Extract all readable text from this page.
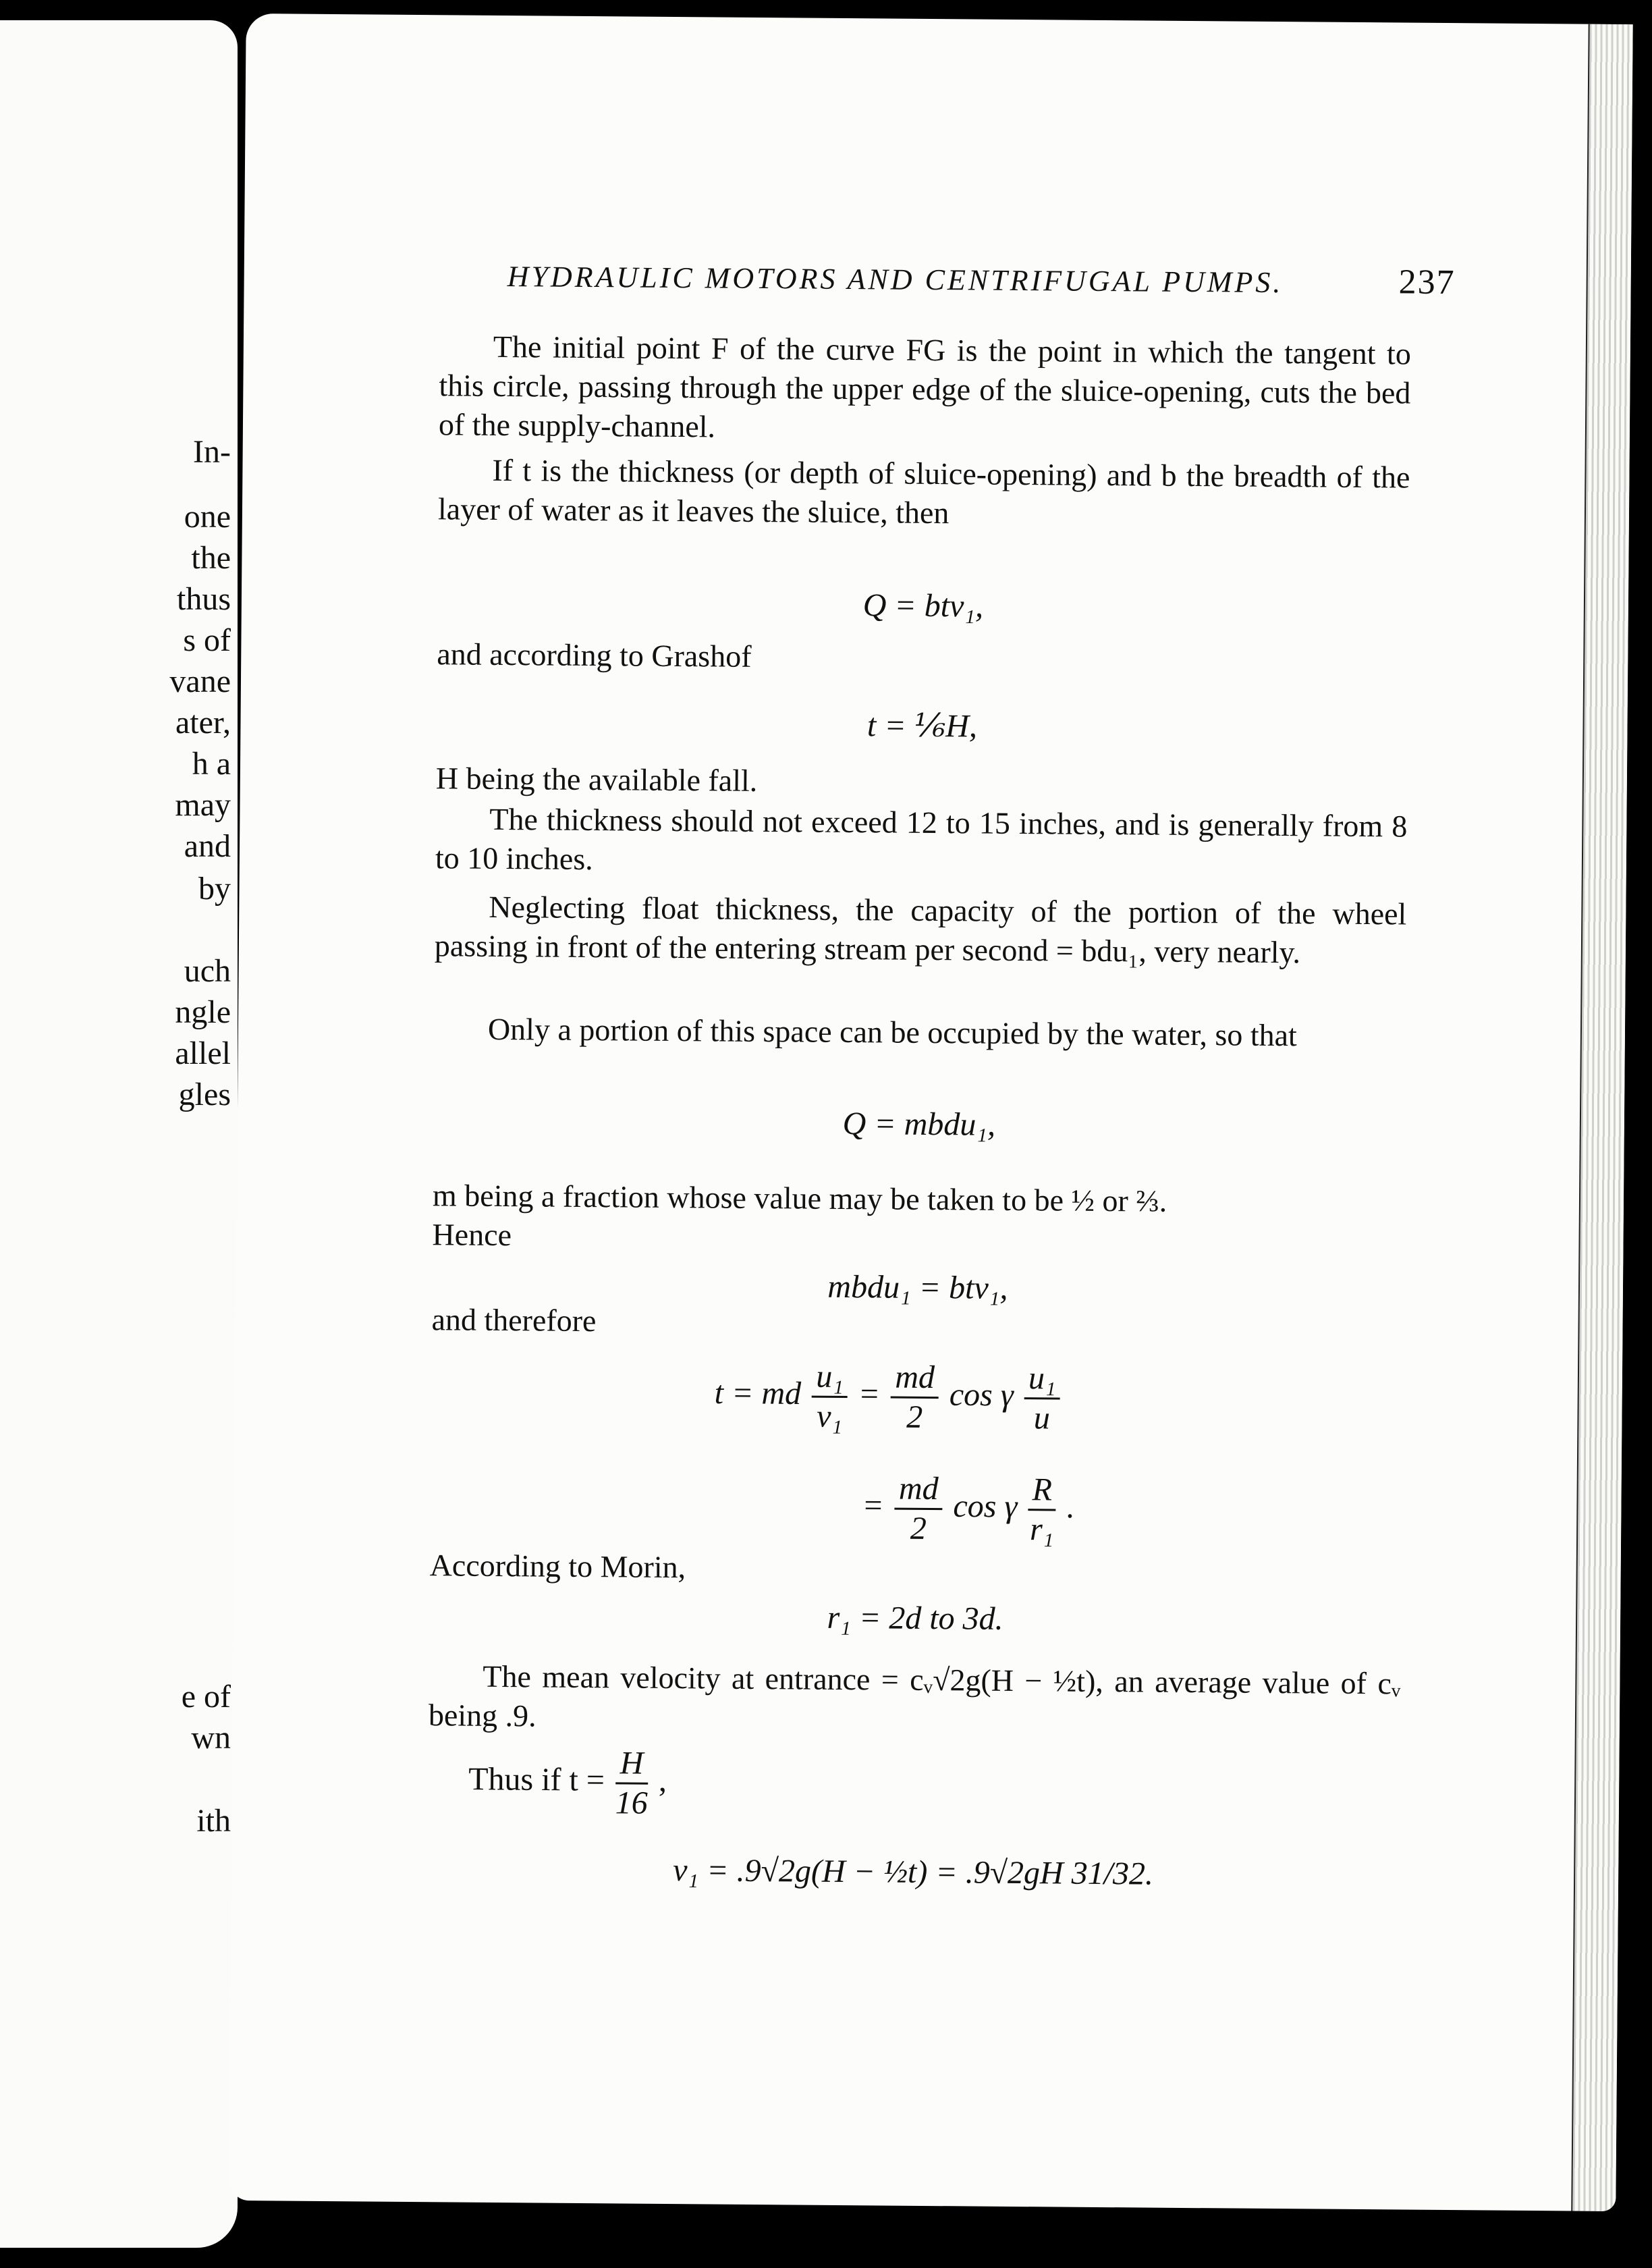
In-
one
the
thus
s of
vane
ater,
h a
may
and
by
uch
ngle
allel
gles
e of
wn
ith
HYDRAULIC MOTORS AND CENTRIFUGAL PUMPS.	237
The initial point F of the curve FG is the point in which the tangent to this circle, passing through the upper edge of the sluice-opening, cuts the bed of the supply-channel.
If t is the thickness (or depth of sluice-opening) and b the breadth of the layer of water as it leaves the sluice, then
Q = btv₁,
and according to Grashof
t = ⅙H,
H being the available fall.
The thickness should not exceed 12 to 15 inches, and is generally from 8 to 10 inches.
Neglecting float thickness, the capacity of the portion of the wheel passing in front of the entering stream per second = bdu₁, very nearly.
Only a portion of this space can be occupied by the water, so that
Q = mbdu₁,
m being a fraction whose value may be taken to be ½ or ⅔.
Hence
mbdu₁ = btv₁,
and therefore
t = md $\frac{\text{u₁}}{\text{v₁}} = \frac{md}{2}$ cos γ $\frac{\text{u₁}}{u}$
= $\frac{md}{2}$ cos γ $\frac{R}{\text{r₁}}$ .
According to Morin,
r₁ = 2d to 3d.
The mean velocity at entrance = cᵥ√2g(H − ½t), an average value of cᵥ being .9.
Thus if $t = \frac{H}{16}$ ,
v₁ = .9√2g(H − ½t) = .9√2gH 31/32.
